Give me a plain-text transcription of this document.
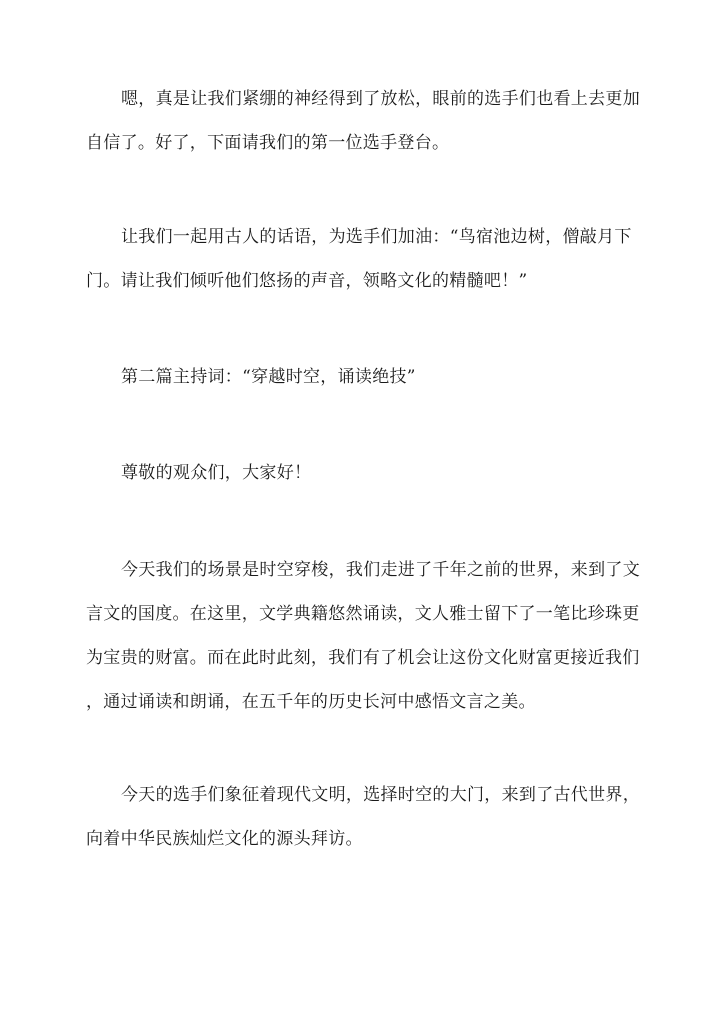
嗯，真是让我们紧绷的神经得到了放松，眼前的选手们也看上去更加
自信了。好了，下面请我们的第一位选手登台。
让我们一起用古人的话语，为选手们加油：“鸟宿池边树，僧敲月下
门。请让我们倾听他们悠扬的声音，领略文化的精髓吧！”
第二篇主持词：“穿越时空，诵读绝技”
尊敬的观众们，大家好！
今天我们的场景是时空穿梭，我们走进了千年之前的世界，来到了文
言文的国度。在这里，文学典籍悠然诵读，文人雅士留下了一笔比珍珠更
为宝贵的财富。而在此时此刻，我们有了机会让这份文化财富更接近我们
，通过诵读和朗诵，在五千年的历史长河中感悟文言之美。
今天的选手们象征着现代文明，选择时空的大门，来到了古代世界，
向着中华民族灿烂文化的源头拜访。
